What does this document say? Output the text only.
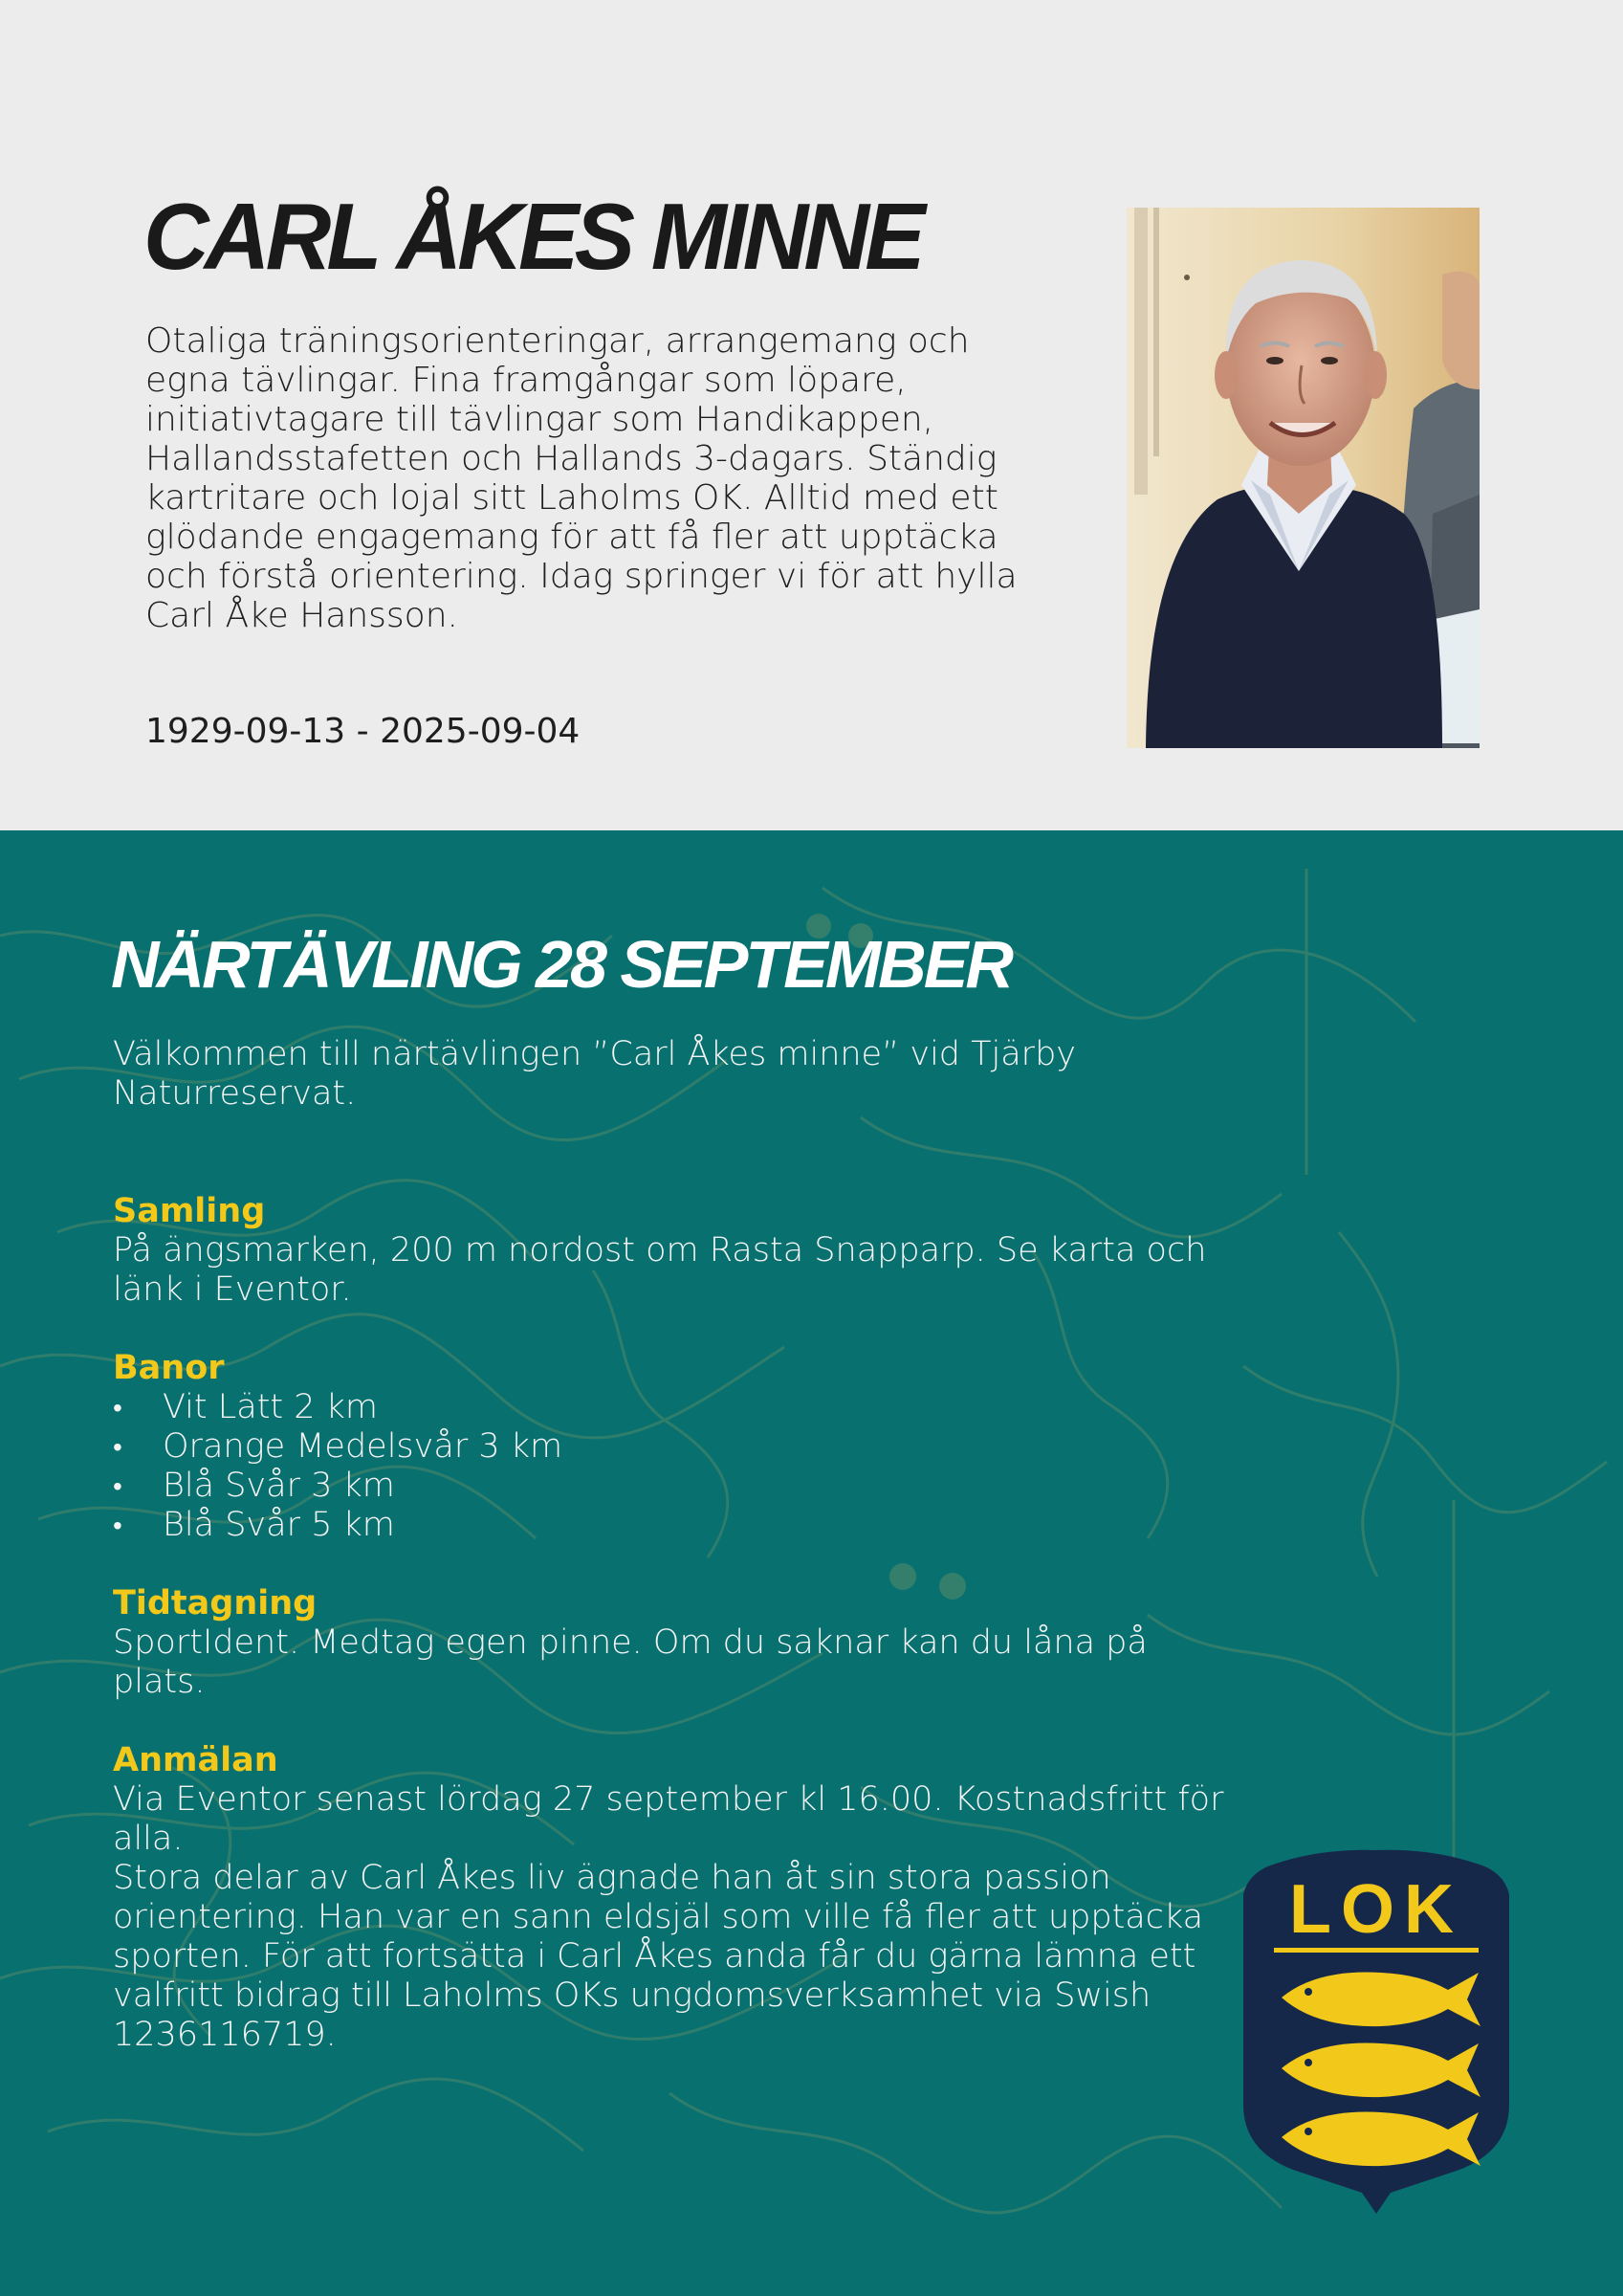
CARL ÅKES MINNE

Otaliga träningsorienteringar, arrangemang och egna tävlingar. Fina framgångar som löpare, initiativtagare till tävlingar som Handikappen, Hallandsstafetten och Hallands 3-dagars. Ständig kartritare och lojal sitt Laholms OK. Alltid med ett glödande engagemang för att få fler att upptäcka och förstå orientering. Idag springer vi för att hylla Carl Åke Hansson.

1929-09-13 - 2025-09-04

NÄRTÄVLING 28 SEPTEMBER

Välkommen till närtävlingen ”Carl Åkes minne” vid Tjärby Naturreservat.

Samling

På ängsmarken, 200 m nordost om Rasta Snapparp. Se karta och länk i Eventor.

Banor
• Vit Lätt 2 km
• Orange Medelsvår 3 km
• Blå Svår 3 km
• Blå Svår 5 km
Tidtagning

SportIdent. Medtag egen pinne. Om du saknar kan du låna på plats.

Anmälan

Via Eventor senast lördag 27 september kl 16.00. Kostnadsfritt för alla.

Stora delar av Carl Åkes liv ägnade han åt sin stora passion orientering. Han var en sann eldsjäl som ville få fler att upptäcka sporten. För att fortsätta i Carl Åkes anda får du gärna lämna ett valfritt bidrag till Laholms OKs ungdomsverksamhet via Swish 1236116719.

LOK
